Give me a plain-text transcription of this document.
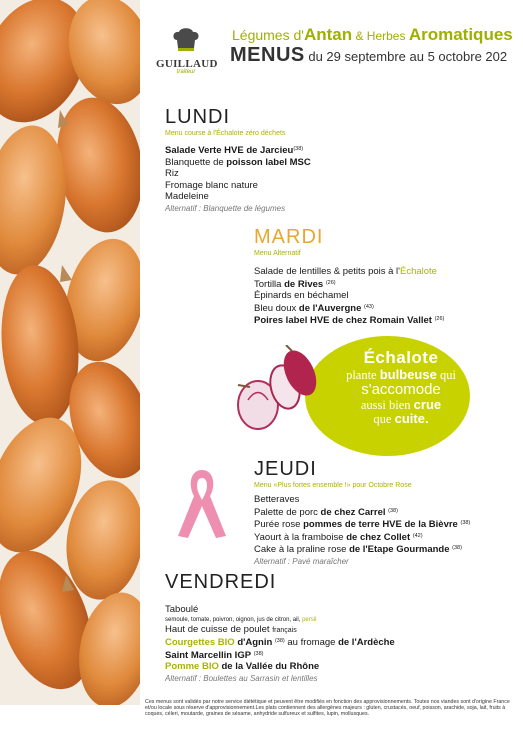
GUILLAUD
traiteur
Légumes d'Antan & Herbes Aromatiques
MENUS du 29 septembre au 5 octobre 202
LUNDI
Menu course à l'Échalote zéro déchets
Salade Verte HVE de Jarcieu$^{(38)}$
Blanquette de poisson label MSC
Riz
Fromage blanc nature
Madeleine
Alternatif : Blanquette de légumes
MARDI
Menu Alternatif
Salade de lentilles & petits pois à l'Échalote
Tortilla de Rives $^{(26)}$
Épinards en béchamel
Bleu doux de l'Auvergne $^{(43)}$
Poires label HVE de chez Romain Vallet $^{(26)}$
Échalote
plante bulbeuse qui
s'accomode
aussi bien crue
que cuite.
JEUDI
Menu «Plus fortes ensemble !» pour Octobre Rose
Betteraves
Palette de porc de chez Carrel $^{(38)}$
Purée rose pommes de terre HVE de la Bièvre $^{(38)}$
Yaourt à la framboise de chez Collet $^{(42)}$
Cake à la praline rose de l'Etape Gourmande $^{(38)}$
Alternatif : Pavé maraîcher
VENDREDI
Taboulé
semoule, tomate, poivron, oignon, jus de citron, ail, persil
Haut de cuisse de poulet français
Courgettes BIO d'Agnin $^{(38)}$ au fromage de l'Ardèche
Saint Marcellin IGP $^{(38)}$
Pomme BIO de la Vallée du Rhône
Alternatif : Boulettes au Sarrasin et lentilles
Ces menus sont validés par notre service diététique et peuvent être modifiés en fonction des approvisionnements. Toutes nos viandes sont d'origine France et/ou locale sous réserve d'approvisionnement.Les plats contiennent des allergènes majeurs : gluten, crustacés, oeuf, poisson, arachide, soja, lait, fruits à coques, céleri, moutarde, graines de sésame, anhydride sulfureux et sulfites, lupin, mollusques.
